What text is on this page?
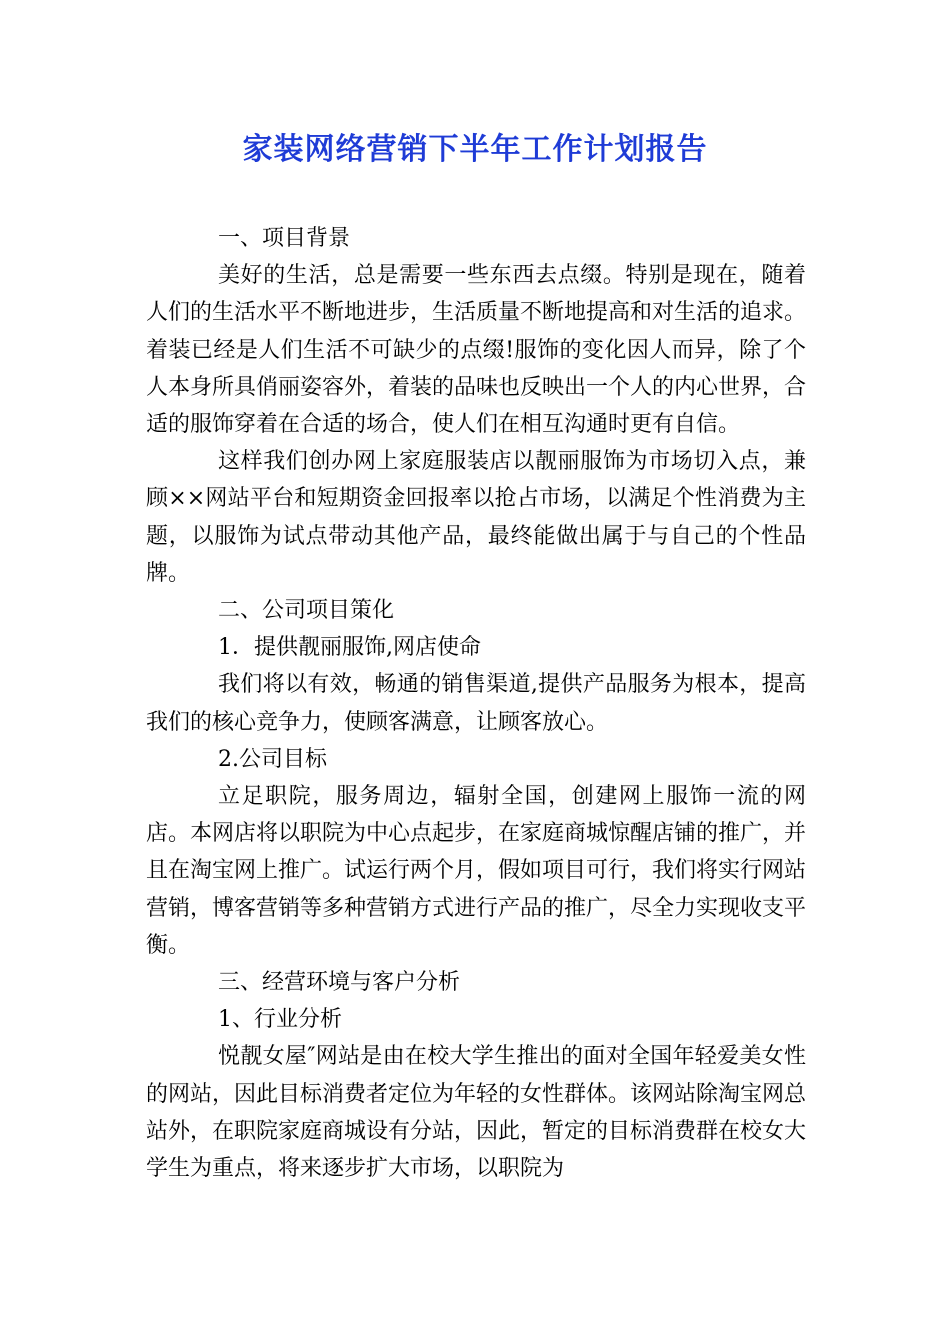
家装网络营销下半年工作计划报告

一、项目背景

美好的生活，总是需要一些东西去点缀。特别是现在，随着人们的生活水平不断地进步，生活质量不断地提高和对生活的追求。着装已经是人们生活不可缺少的点缀!服饰的变化因人而异，除了个人本身所具俏丽姿容外，着装的品味也反映出一个人的内心世界，合适的服饰穿着在合适的场合，使人们在相互沟通时更有自信。

这样我们创办网上家庭服装店以靓丽服饰为市场切入点，兼顾××网站平台和短期资金回报率以抢占市场，以满足个性消费为主题，以服饰为试点带动其他产品，最终能做出属于与自己的个性品牌。

二、公司项目策化

1．提供靓丽服饰,网店使命

我们将以有效，畅通的销售渠道,提供产品服务为根本，提高我们的核心竞争力，使顾客满意，让顾客放心。

2.公司目标

立足职院，服务周边，辐射全国，创建网上服饰一流的网店。本网店将以职院为中心点起步，在家庭商城惊醒店铺的推广，并且在淘宝网上推广。试运行两个月，假如项目可行，我们将实行网站营销，博客营销等多种营销方式进行产品的推广，尽全力实现收支平衡。

三、经营环境与客户分析

1、行业分析

悦靓女屋″网站是由在校大学生推出的面对全国年轻爱美女性的网站，因此目标消费者定位为年轻的女性群体。该网站除淘宝网总站外，在职院家庭商城设有分站，因此，暂定的目标消费群在校女大学生为重点，将来逐步扩大市场，以职院为
